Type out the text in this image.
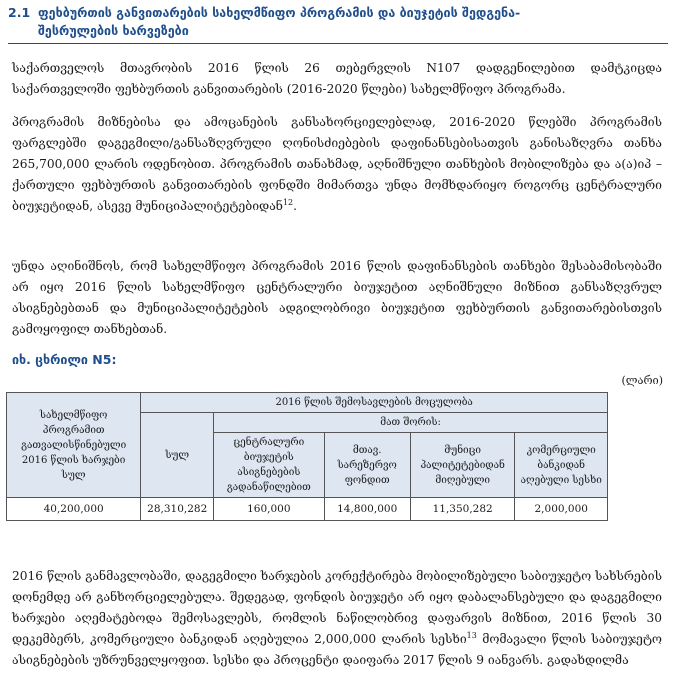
2.1 ფეხბურთის განვითარების სახელმწიფო პროგრამის და ბიუჯეტის შედგენა-
შესრულების ხარვეზები

საქართველოს მთავრობის 2016 წლის 26 თებერვლის N107 დადგენილებით დამტკიცდა საქართველოში ფეხბურთის განვითარების (2016-2020 წლები) სახელმწიფო პროგრამა.

პროგრამის მიზნებისა და ამოცანების განსახორციელებლად, 2016-2020 წლებში პროგრამის ფარგლებში დაგეგმილი/განსაზღვრული ღონისძიებების დაფინანსებისათვის განისაზღვრა თანხა 265,700,000 ლარის ოდენობით. პროგრამის თანახმად, აღნიშნული თანხების მობილიზება და ა(ა)იპ – ქართული ფეხბურთის განვითარების ფონდში მიმართვა უნდა მომხდარიყო როგორც ცენტრალური ბიუჯეტიდან, ასევე მუნიციპალიტეტებიდან$^{12}$.

უნდა აღინიშნოს, რომ სახელმწიფო პროგრამის 2016 წლის დაფინანსების თანხები შესაბამისობაში არ იყო 2016 წლის სახელმწიფო ცენტრალური ბიუჯეტით აღნიშნული მიზნით განსაზღვრულ ასიგნებებთან და მუნიციპალიტეტების ადგილობრივი ბიუჯეტით ფეხბურთის განვითარებისთვის გამოყოფილ თანხებთან.

იხ. ცხრილი N5:
(ლარი)
სახელმწიფო პროგრამით გათვალისწინებული 2016 წლის ხარჯები სულ	2016 წლის შემოსავლების მოცულობა				
	სულ	მათ შორის:			
		ცენტრალური ბიუჯეტის ასიგნებების გადანაწილებით	მთავ. სარეზერვო ფონდით	მუნიცი პალიტეტებიდან მიღებული	კომერციული ბანკიდან აღებული სესხი
40,200,000	28,310,282	160,000	14,800,000	11,350,282	2,000,000

2016 წლის განმავლობაში, დაგეგმილი ხარჯების კორექტირება მობილიზებული საბიუჯეტო სახსრების დონემდე არ განხორციელებულა. შედეგად, ფონდის ბიუჯეტი არ იყო დაბალანსებული და დაგეგმილი ხარჯები აღემატებოდა შემოსავლებს, რომლის ნაწილობრივ დაფარვის მიზნით, 2016 წლის 30 დეკემბერს, კომერციული ბანკიდან აღებულია 2,000,000 ლარის სესხი$^{13}$ მომავალი წლის საბიუჯეტო ასიგნებების უზრუნველყოფით. სესხი და პროცენტი დაიფარა 2017 წლის 9 იანვარს. გადახდილმა
